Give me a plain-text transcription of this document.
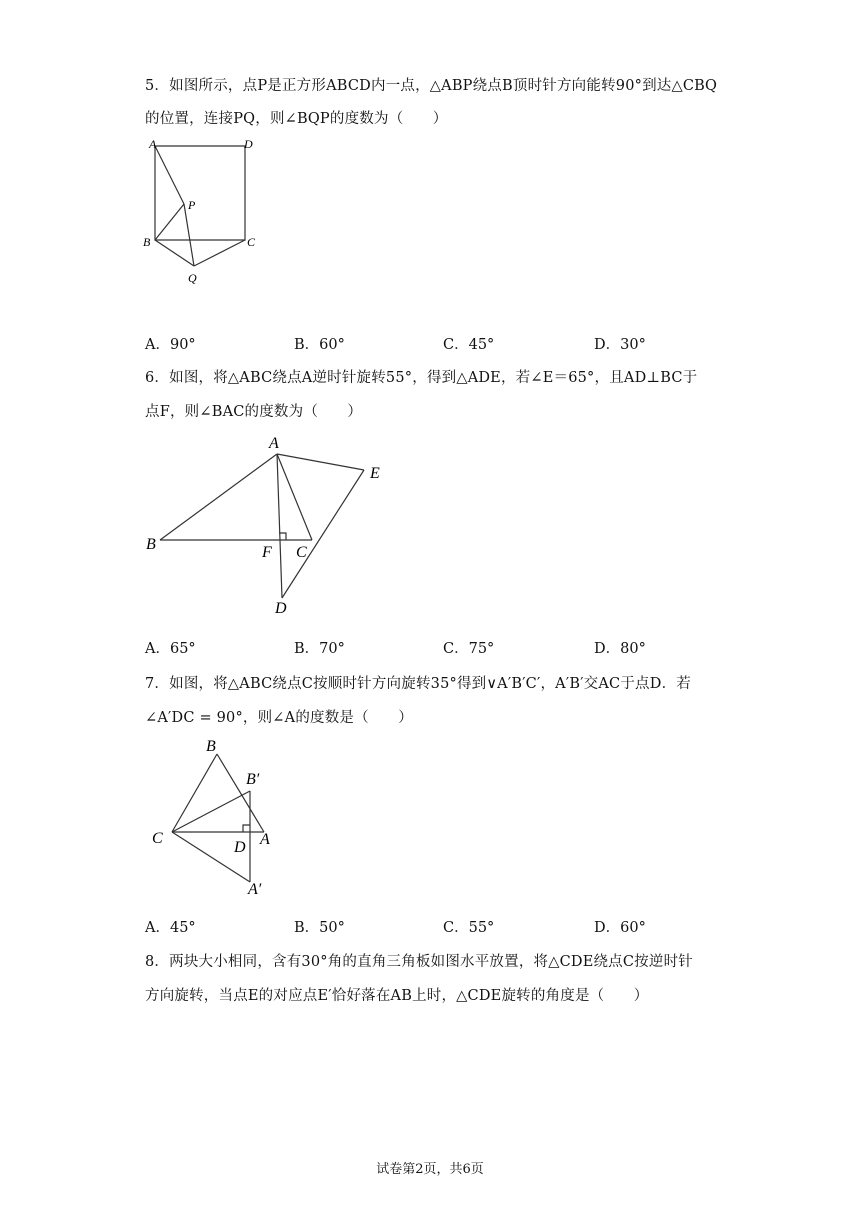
5．如图所示，点P是正方形ABCD内一点，△ABP绕点B顶时针方向能转90°到达△CBQ
的位置，连接PQ，则∠BQP的度数为（　　）
A	D
P
B	C
Q
A．90°	B．60°	C．45°	D．30°
6．如图，将△ABC绕点A逆时针旋转55°，得到△ADE，若∠E＝65°，且AD⊥BC于
点F，则∠BAC的度数为（　　）
A
E
B	F C
D
A．65°	B．70°	C．75°	D．80°
7．如图，将△ABC绕点C按顺时针方向旋转35°得到∨A′B′C′，A′B′交AC于点D．若
∠A′DC = 90°，则∠A的度数是（　　）
B
B′
C
D A
A′
A．45°	B．50°	C．55°	D．60°
8．两块大小相同，含有30°角的直角三角板如图水平放置，将△CDE绕点C按逆时针
方向旋转，当点E的对应点E′恰好落在AB上时，△CDE旋转的角度是（　　）
试卷第2页，共6页
